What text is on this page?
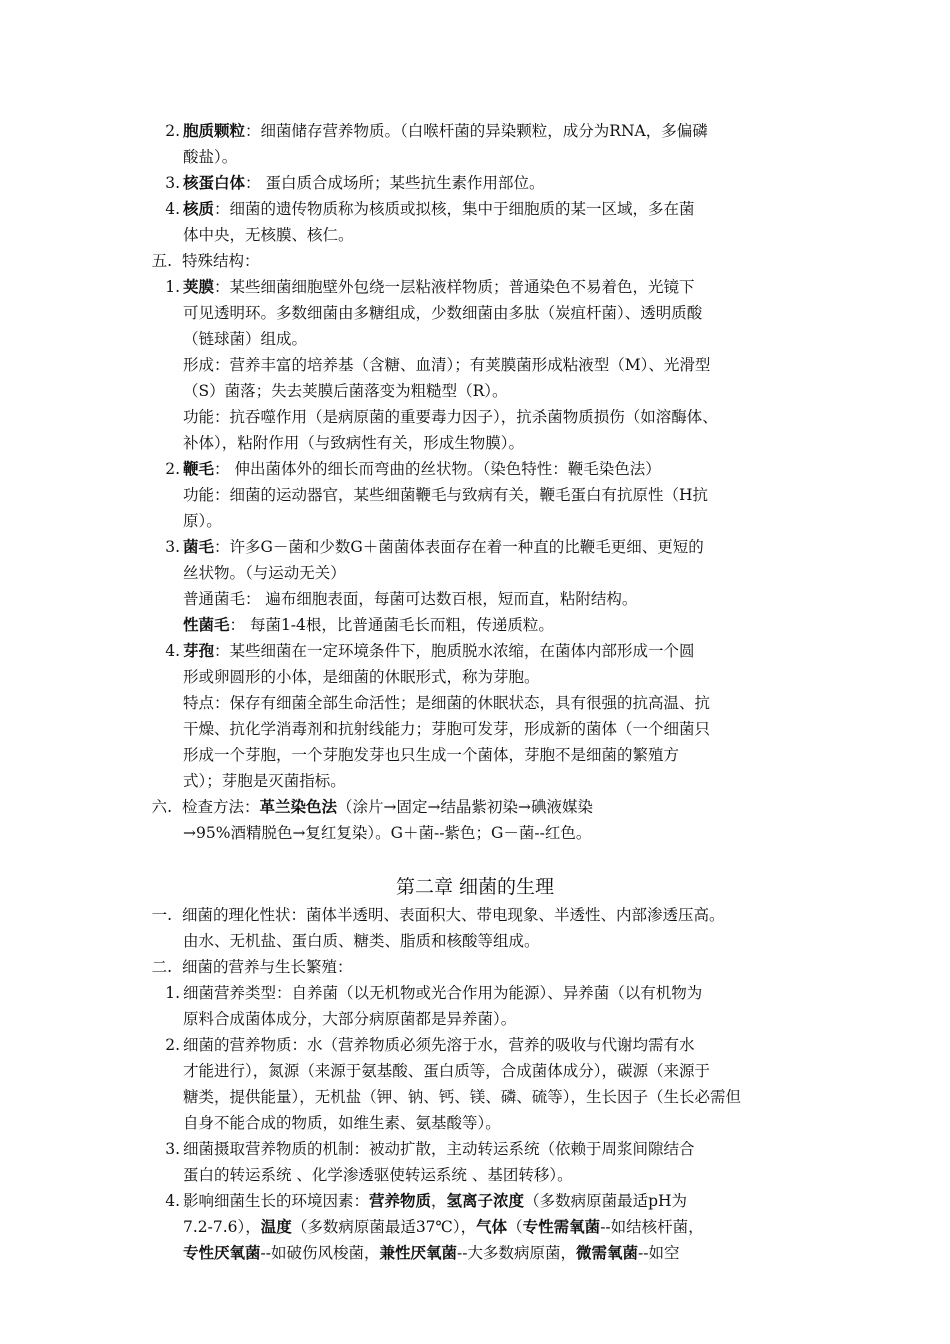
2. 胞质颗粒：细菌储存营养物质。（白喉杆菌的异染颗粒，成分为RNA，多偏磷
酸盐）。
3. 核蛋白体： 蛋白质合成场所；某些抗生素作用部位。
4. 核质：细菌的遗传物质称为核质或拟核，集中于细胞质的某一区域，多在菌
体中央，无核膜、核仁。
五. 特殊结构：
1. 荚膜：某些细菌细胞壁外包绕一层粘液样物质；普通染色不易着色，光镜下
可见透明环。多数细菌由多糖组成，少数细菌由多肽（炭疽杆菌）、透明质酸
（链球菌）组成。
形成：营养丰富的培养基（含糖、血清）；有荚膜菌形成粘液型（M）、光滑型
（S）菌落；失去荚膜后菌落变为粗糙型（R）。
功能：抗吞噬作用（是病原菌的重要毒力因子），抗杀菌物质损伤（如溶酶体、
补体），粘附作用（与致病性有关，形成生物膜）。
2. 鞭毛： 伸出菌体外的细长而弯曲的丝状物。（染色特性：鞭毛染色法）
功能：细菌的运动器官，某些细菌鞭毛与致病有关，鞭毛蛋白有抗原性（H抗
原）。
3. 菌毛：许多G－菌和少数G＋菌菌体表面存在着一种直的比鞭毛更细、更短的
丝状物。（与运动无关）
普通菌毛： 遍布细胞表面，每菌可达数百根，短而直，粘附结构。
性菌毛： 每菌1-4根，比普通菌毛长而粗，传递质粒。
4. 芽孢：某些细菌在一定环境条件下，胞质脱水浓缩，在菌体内部形成一个圆
形或卵圆形的小体，是细菌的休眠形式，称为芽胞。
特点：保存有细菌全部生命活性；是细菌的休眠状态，具有很强的抗高温、抗
干燥、抗化学消毒剂和抗射线能力；芽胞可发芽，形成新的菌体（一个细菌只
形成一个芽胞，一个芽胞发芽也只生成一个菌体，芽胞不是细菌的繁殖方
式）；芽胞是灭菌指标。
六. 检查方法：革兰染色法（涂片→固定→结晶紫初染→碘液媒染
→95%酒精脱色→复红复染）。G＋菌--紫色；G－菌--红色。
第二章 细菌的生理
一. 细菌的理化性状：菌体半透明、表面积大、带电现象、半透性、内部渗透压高。
由水、无机盐、蛋白质、糖类、脂质和核酸等组成。
二. 细菌的营养与生长繁殖：
1. 细菌营养类型：自养菌（以无机物或光合作用为能源）、异养菌（以有机物为
原料合成菌体成分，大部分病原菌都是异养菌）。
2. 细菌的营养物质：水（营养物质必须先溶于水，营养的吸收与代谢均需有水
才能进行），氮源（来源于氨基酸、蛋白质等，合成菌体成分），碳源（来源于
糖类，提供能量），无机盐（钾、钠、钙、镁、磷、硫等），生长因子（生长必需但
自身不能合成的物质，如维生素、氨基酸等）。
3. 细菌摄取营养物质的机制：被动扩散，主动转运系统（依赖于周浆间隙结合
蛋白的转运系统 、化学渗透驱使转运系统 、基团转移）。
4. 影响细菌生长的环境因素：营养物质，氢离子浓度（多数病原菌最适pH为
7.2-7.6），温度（多数病原菌最适37℃），气体（专性需氧菌--如结核杆菌，
专性厌氧菌--如破伤风梭菌，兼性厌氧菌--大多数病原菌，微需氧菌--如空
